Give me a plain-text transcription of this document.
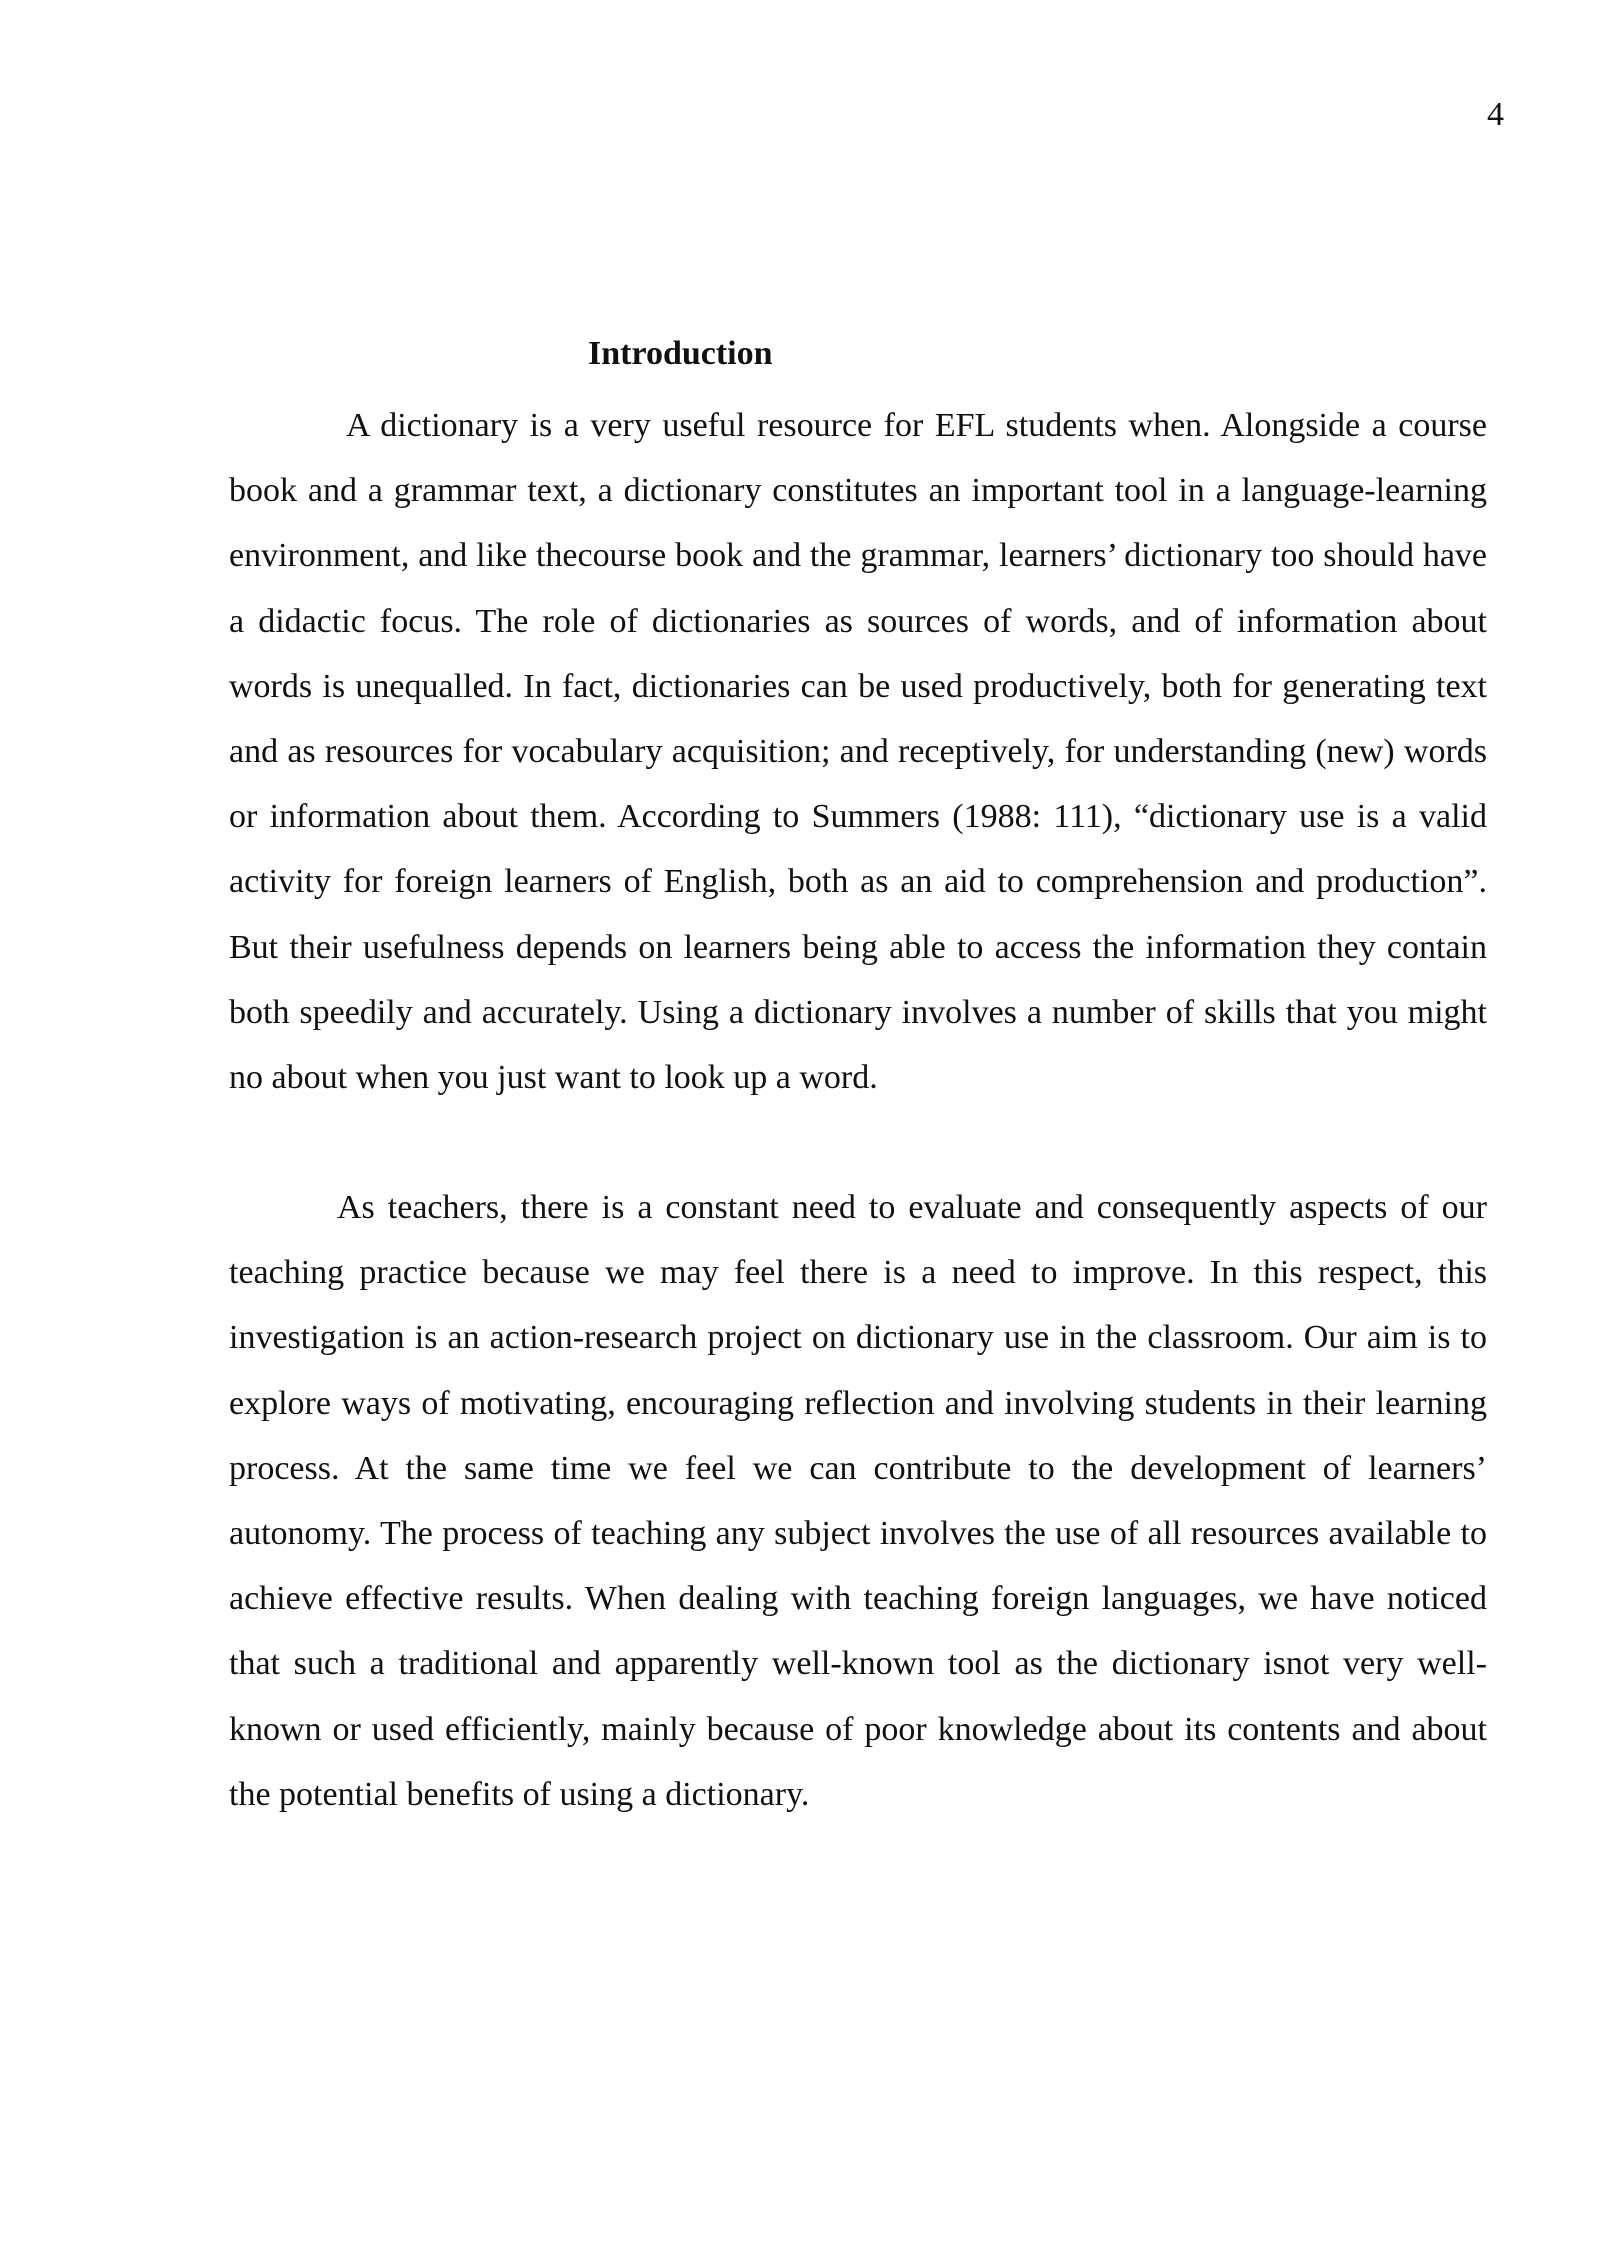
4
Introduction

A dictionary is a very useful resource for EFL students when. Alongside a course book and a grammar text, a dictionary constitutes an important tool in a language-learning environment, and like thecourse book and the grammar, learners’ dictionary too should have a didactic focus. The role of dictionaries as sources of words, and of information about words is unequalled. In fact, dictionaries can be used productively, both for generating text and as resources for vocabulary acquisition; and receptively, for understanding (new) words or information about them. According to Summers (1988: 111), “dictionary use is a valid activity for foreign learners of English, both as an aid to comprehension and production”. But their usefulness depends on learners being able to access the information they contain both speedily and accurately. Using a dictionary involves a number of skills that you might no about when you just want to look up a word.

As teachers, there is a constant need to evaluate and consequently aspects of our teaching practice because we may feel there is a need to improve. In this respect, this investigation is an action-research project on dictionary use in the classroom. Our aim is to explore ways of motivating, encouraging reflection and involving students in their learning process. At the same time we feel we can contribute to the development of learners’ autonomy. The process of teaching any subject involves the use of all resources available to achieve effective results. When dealing with teaching foreign languages, we have noticed that such a traditional and apparently well-known tool as the dictionary isnot very well-known or used efficiently, mainly because of poor knowledge about its contents and about the potential benefits of using a dictionary.
